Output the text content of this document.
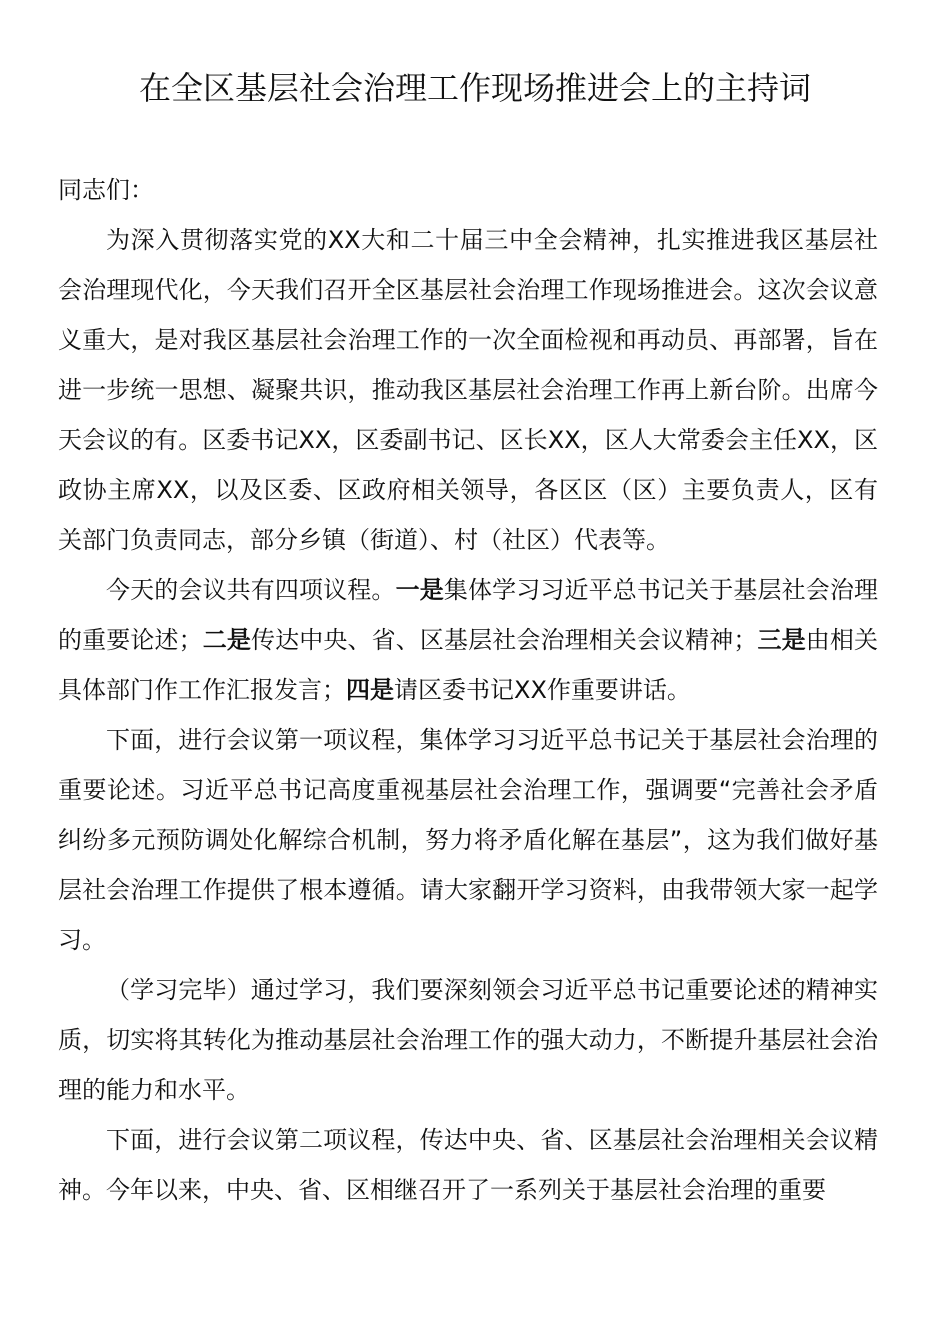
在全区基层社会治理工作现场推进会上的主持词

同志们：

为深入贯彻落实党的XX大和二十届三中全会精神，扎实推进我区基层社会治理现代化，今天我们召开全区基层社会治理工作现场推进会。这次会议意义重大，是对我区基层社会治理工作的一次全面检视和再动员、再部署，旨在进一步统一思想、凝聚共识，推动我区基层社会治理工作再上新台阶。出席今天会议的有。区委书记XX，区委副书记、区长XX，区人大常委会主任XX，区政协主席XX，以及区委、区政府相关领导，各区区（区）主要负责人，区有关部门负责同志，部分乡镇（街道）、村（社区）代表等。

今天的会议共有四项议程。一是集体学习习近平总书记关于基层社会治理的重要论述；二是传达中央、省、区基层社会治理相关会议精神；三是由相关具体部门作工作汇报发言；四是请区委书记XX作重要讲话。

下面，进行会议第一项议程，集体学习习近平总书记关于基层社会治理的重要论述。习近平总书记高度重视基层社会治理工作，强调要“完善社会矛盾纠纷多元预防调处化解综合机制，努力将矛盾化解在基层”，这为我们做好基层社会治理工作提供了根本遵循。请大家翻开学习资料，由我带领大家一起学习。

（学习完毕）通过学习，我们要深刻领会习近平总书记重要论述的精神实质，切实将其转化为推动基层社会治理工作的强大动力，不断提升基层社会治理的能力和水平。

下面，进行会议第二项议程，传达中央、省、区基层社会治理相关会议精神。今年以来，中央、省、区相继召开了一系列关于基层社会治理的重要
